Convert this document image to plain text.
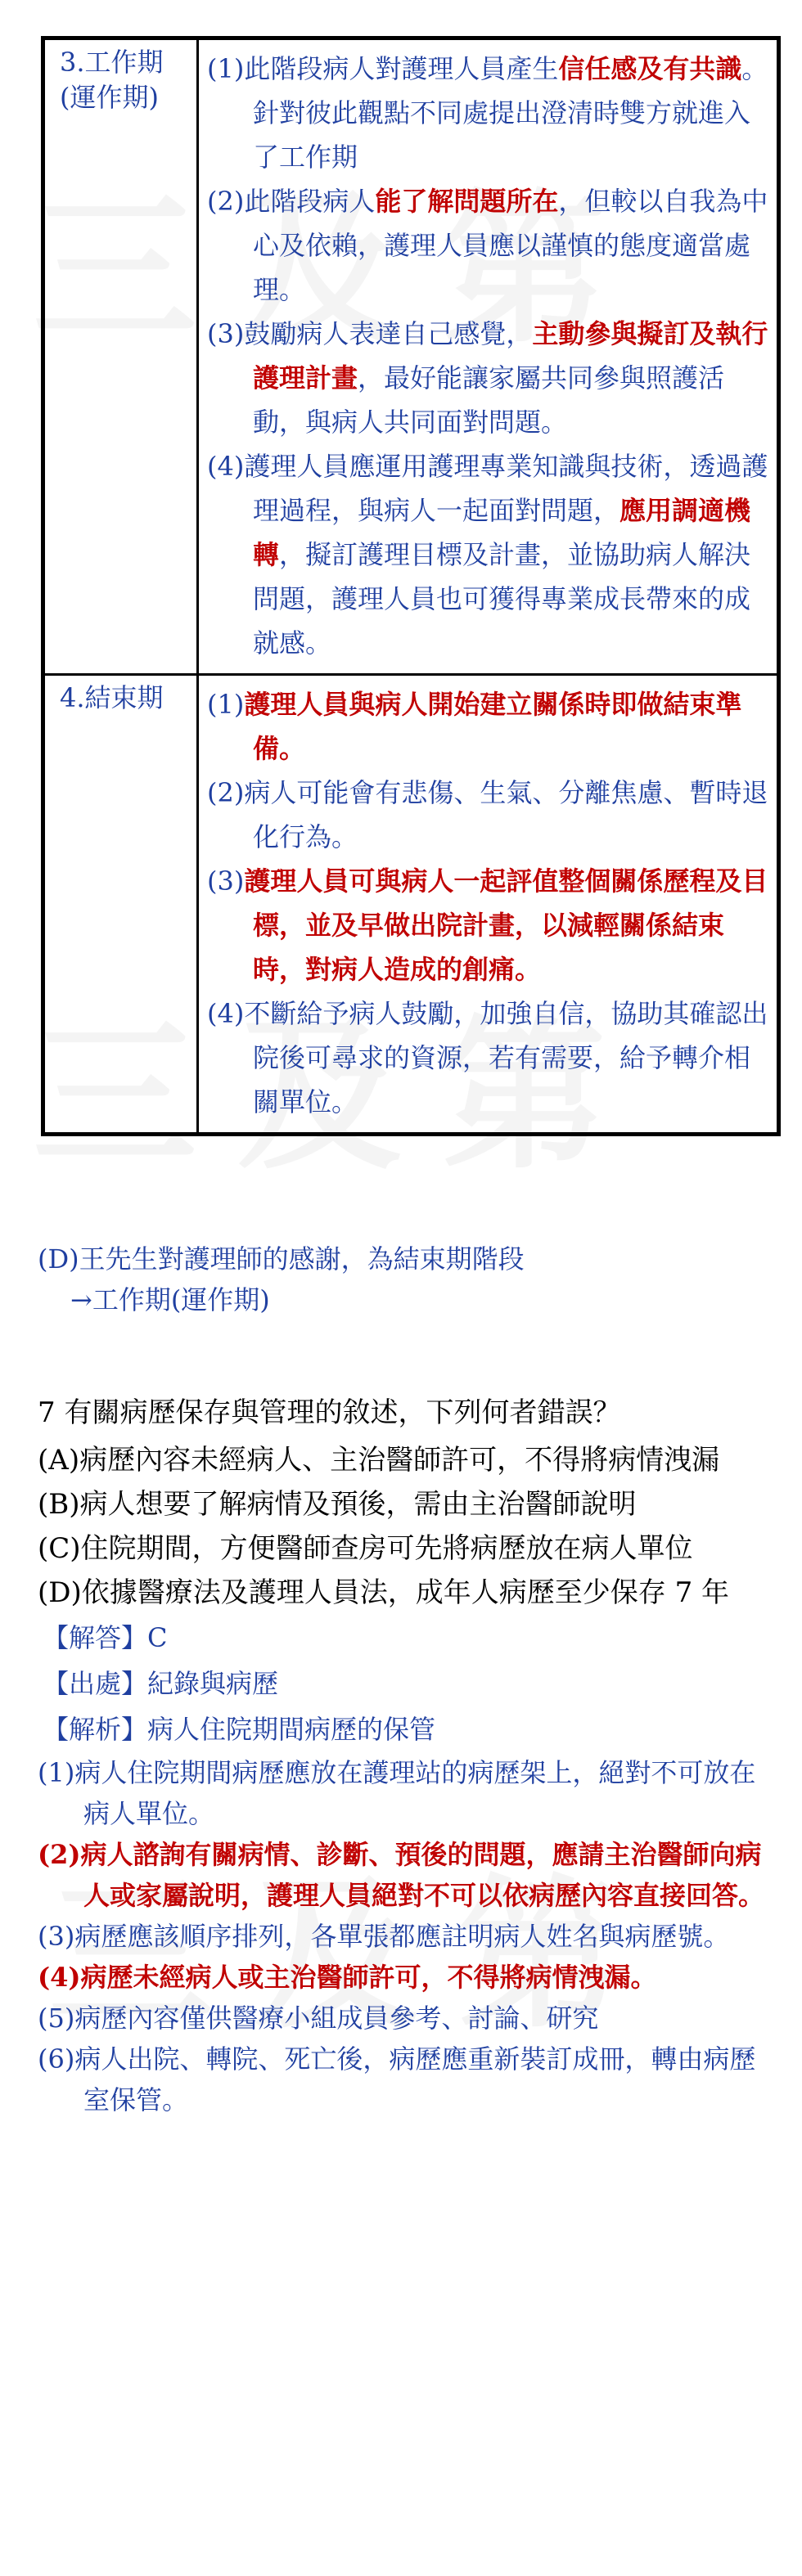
3.工作期(運作期)
(1)此階段病人對護理人員產生信任感及有共識。針對彼此觀點不同處提出澄清時雙方就進入了工作期
(2)此階段病人能了解問題所在，但較以自我為中心及依賴，護理人員應以謹慎的態度適當處理。
(3)鼓勵病人表達自己感覺，主動參與擬訂及執行護理計畫，最好能讓家屬共同參與照護活動，與病人共同面對問題。
(4)護理人員應運用護理專業知識與技術，透過護理過程，與病人一起面對問題，應用調適機轉，擬訂護理目標及計畫，並協助病人解決問題，護理人員也可獲得專業成長帶來的成就感。
4.結束期	(1)護理人員與病人開始建立關係時即做結束準備。
(2)病人可能會有悲傷、生氣、分離焦慮、暫時退化行為。
(3)護理人員可與病人一起評值整個關係歷程及目標，並及早做出院計畫，以減輕關係結束時，對病人造成的創痛。
(4)不斷給予病人鼓勵，加強自信，協助其確認出院後可尋求的資源，若有需要，給予轉介相關單位。
(D)王先生對護理師的感謝，為結束期階段
→工作期(運作期)

7 有關病歷保存與管理的敘述，下列何者錯誤？

(A)病歷內容未經病人、主治醫師許可，不得將病情洩漏

(B)病人想要了解病情及預後，需由主治醫師說明

(C)住院期間，方便醫師查房可先將病歷放在病人單位

(D)依據醫療法及護理人員法，成年人病歷至少保存 7 年

【解答】C
【出處】紀錄與病歷
【解析】病人住院期間病歷的保管
(1)病人住院期間病歷應放在護理站的病歷架上，絕對不可放在病人單位。
(2)病人諮詢有關病情、診斷、預後的問題，應請主治醫師向病人或家屬說明，護理人員絕對不可以依病歷內容直接回答。
(3)病歷應該順序排列，各單張都應註明病人姓名與病歷號。
(4)病歷未經病人或主治醫師許可，不得將病情洩漏。
(5)病歷內容僅供醫療小組成員參考、討論、研究
(6)病人出院、轉院、死亡後，病歷應重新裝訂成冊，轉由病歷室保管。
